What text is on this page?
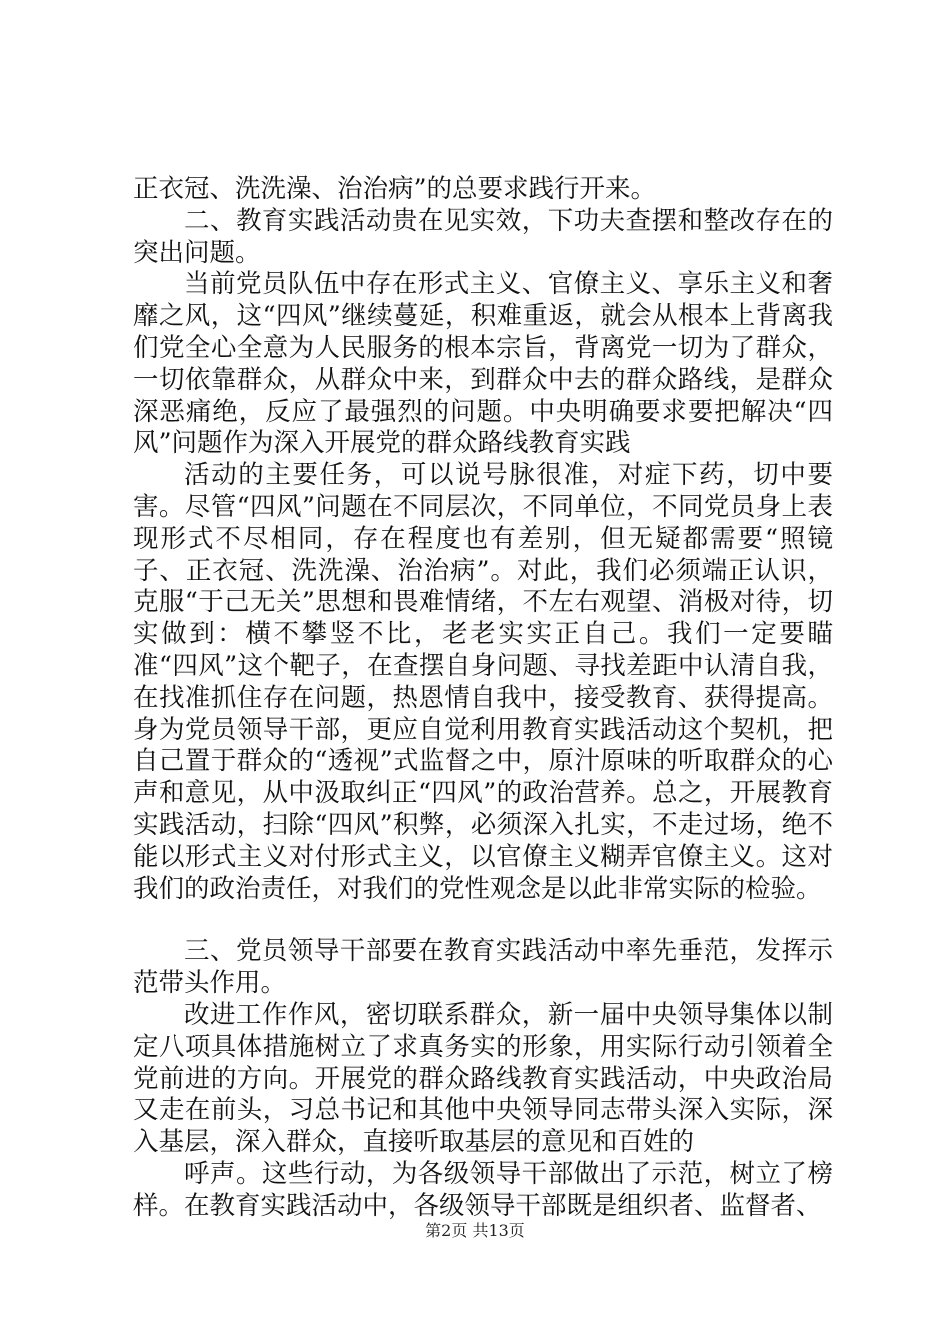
正衣冠、洗洗澡、治治病”的总要求践行开来。

二、教育实践活动贵在见实效，下功夫查摆和整改存在的突出问题。

当前党员队伍中存在形式主义、官僚主义、享乐主义和奢靡之风，这“四风”继续蔓延，积难重返，就会从根本上背离我们党全心全意为人民服务的根本宗旨，背离党一切为了群众，一切依靠群众，从群众中来，到群众中去的群众路线，是群众深恶痛绝，反应了最强烈的问题。中央明确要求要把解决“四风”问题作为深入开展党的群众路线教育实践

活动的主要任务，可以说号脉很准，对症下药，切中要害。尽管“四风”问题在不同层次，不同单位，不同党员身上表现形式不尽相同，存在程度也有差别，但无疑都需要“照镜子、正衣冠、洗洗澡、治治病”。对此，我们必须端正认识，克服“于己无关”思想和畏难情绪，不左右观望、消极对待，切实做到：横不攀竖不比，老老实实正自己。我们一定要瞄准“四风”这个靶子，在查摆自身问题、寻找差距中认清自我，在找准抓住存在问题，热恩情自我中，接受教育、获得提高。身为党员领导干部，更应自觉利用教育实践活动这个契机，把自己置于群众的“透视”式监督之中，原汁原味的听取群众的心声和意见，从中汲取纠正“四风”的政治营养。总之，开展教育实践活动，扫除“四风”积弊，必须深入扎实，不走过场，绝不能以形式主义对付形式主义，以官僚主义糊弄官僚主义。这对我们的政治责任，对我们的党性观念是以此非常实际的检验。

三、党员领导干部要在教育实践活动中率先垂范，发挥示范带头作用。

改进工作作风，密切联系群众，新一届中央领导集体以制定八项具体措施树立了求真务实的形象，用实际行动引领着全党前进的方向。开展党的群众路线教育实践活动，中央政治局又走在前头，习总书记和其他中央领导同志带头深入实际，深入基层，深入群众，直接听取基层的意见和百姓的

呼声。这些行动，为各级领导干部做出了示范，树立了榜样。在教育实践活动中，各级领导干部既是组织者、监督者、

第2页 共13页
